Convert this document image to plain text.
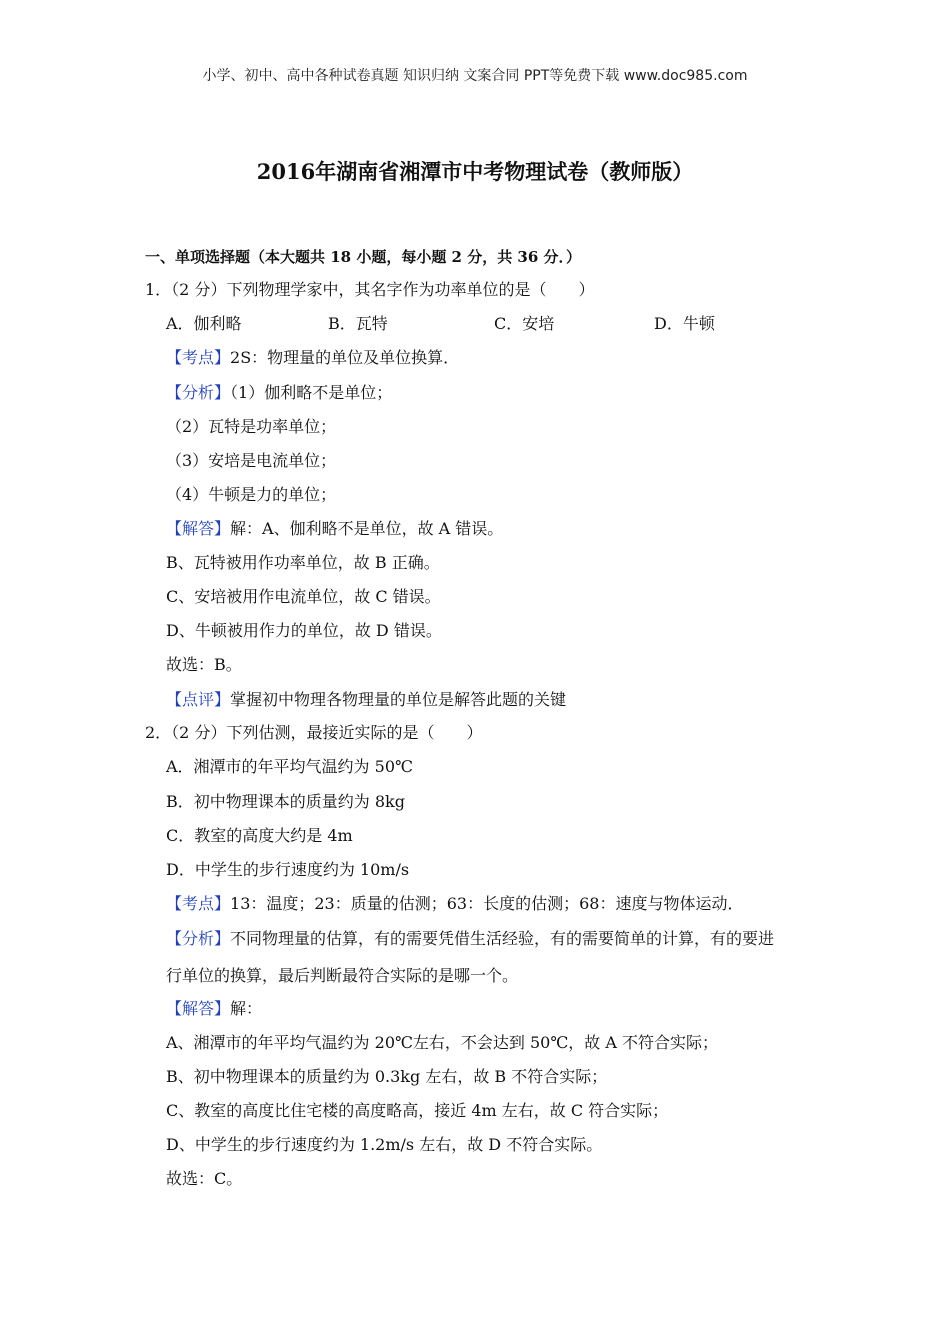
小学、初中、高中各种试卷真题 知识归纳 文案合同 PPT等免费下载 www.doc985.com
2016年湖南省湘潭市中考物理试卷（教师版）
一、单项选择题（本大题共 18 小题，每小题 2 分，共 36 分．）
1．（2 分）下列物理学家中，其名字作为功率单位的是（　　）
A．伽利略	B．瓦特	C．安培	D．牛顿
【考点】2S：物理量的单位及单位换算．
【分析】（1）伽利略不是单位；
（2）瓦特是功率单位；
（3）安培是电流单位；
（4）牛顿是力的单位；
【解答】解：A、伽利略不是单位，故 A 错误。
B、瓦特被用作功率单位，故 B 正确。
C、安培被用作电流单位，故 C 错误。
D、牛顿被用作力的单位，故 D 错误。
故选：B。
【点评】掌握初中物理各物理量的单位是解答此题的关键
2．（2 分）下列估测，最接近实际的是（　　）
A．湘潭市的年平均气温约为 50℃
B．初中物理课本的质量约为 8kg
C．教室的高度大约是 4m
D．中学生的步行速度约为 10m/s
【考点】13：温度；23：质量的估测；63：长度的估测；68：速度与物体运动．
【分析】不同物理量的估算，有的需要凭借生活经验，有的需要简单的计算，有的要进
行单位的换算，最后判断最符合实际的是哪一个。
【解答】解：
A、湘潭市的年平均气温约为 20℃左右，不会达到 50℃，故 A 不符合实际；
B、初中物理课本的质量约为 0.3kg 左右，故 B 不符合实际；
C、教室的高度比住宅楼的高度略高，接近 4m 左右，故 C 符合实际；
D、中学生的步行速度约为 1.2m/s 左右，故 D 不符合实际。
故选：C。
